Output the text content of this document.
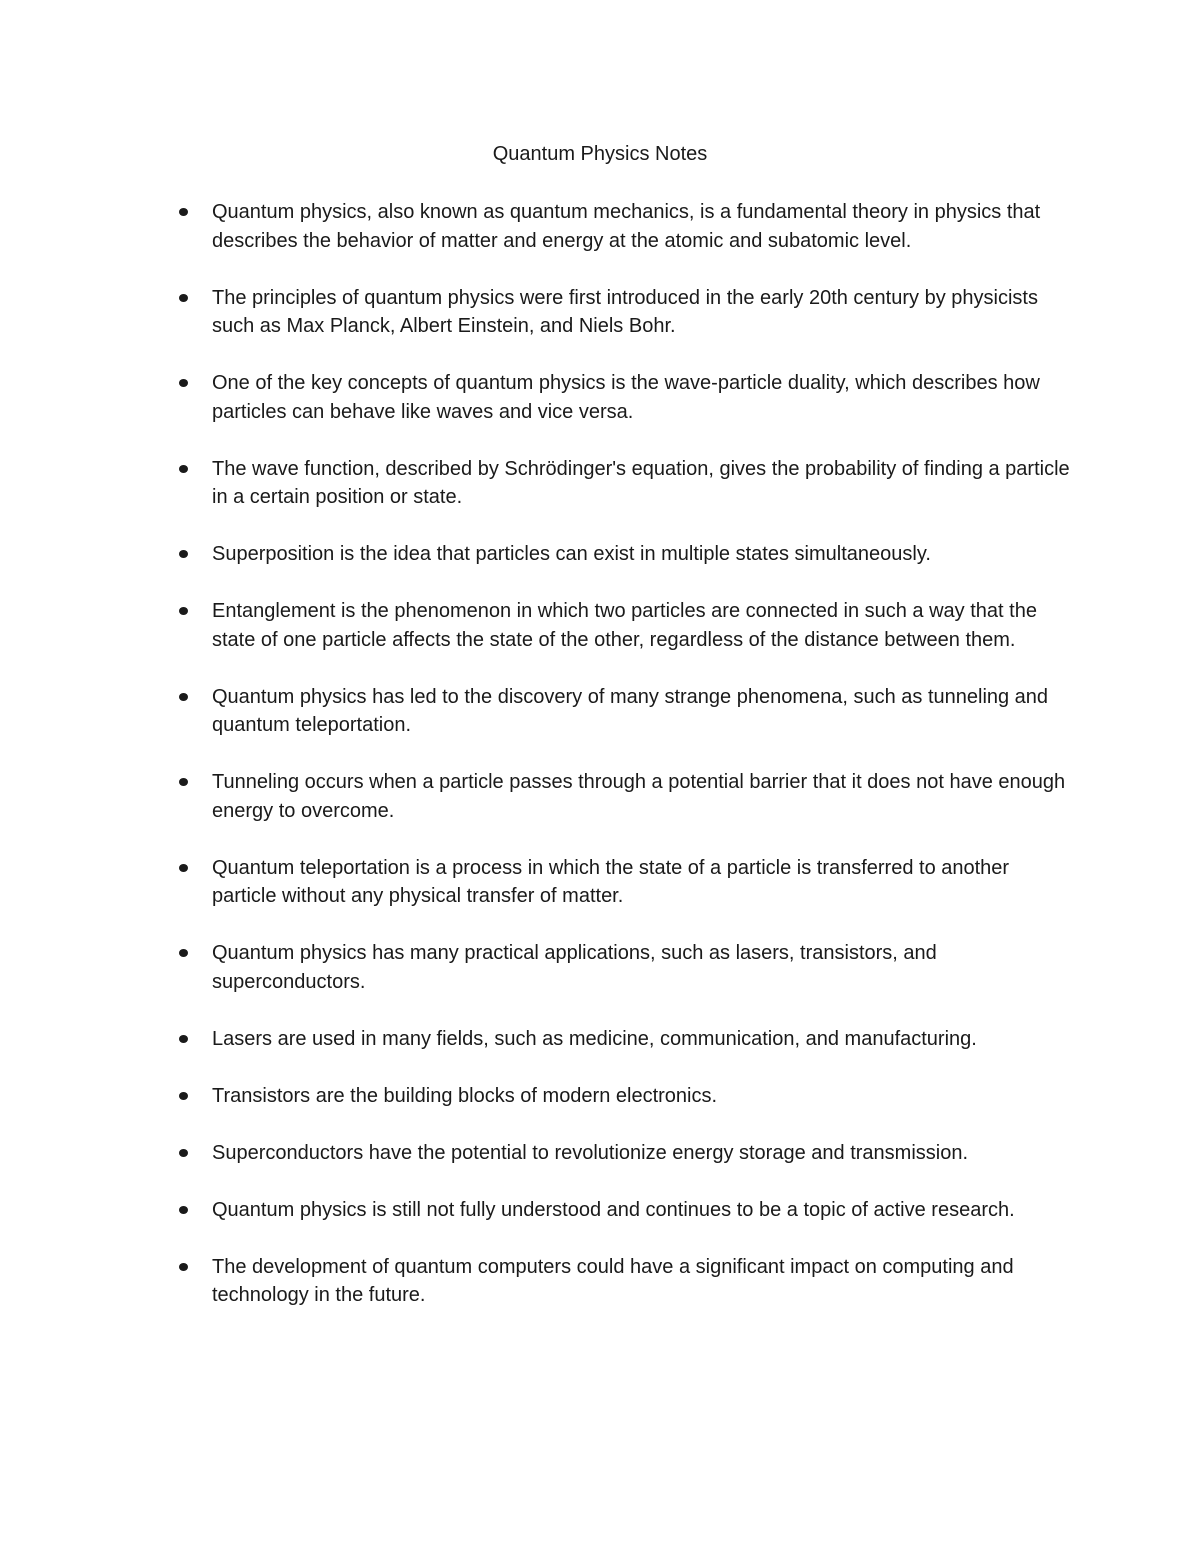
Quantum Physics Notes
Quantum physics, also known as quantum mechanics, is a fundamental theory in physics that describes the behavior of matter and energy at the atomic and subatomic level.
The principles of quantum physics were first introduced in the early 20th century by physicists such as Max Planck, Albert Einstein, and Niels Bohr.
One of the key concepts of quantum physics is the wave-particle duality, which describes how particles can behave like waves and vice versa.
The wave function, described by Schrödinger's equation, gives the probability of finding a particle in a certain position or state.
Superposition is the idea that particles can exist in multiple states simultaneously.
Entanglement is the phenomenon in which two particles are connected in such a way that the state of one particle affects the state of the other, regardless of the distance between them.
Quantum physics has led to the discovery of many strange phenomena, such as tunneling and quantum teleportation.
Tunneling occurs when a particle passes through a potential barrier that it does not have enough energy to overcome.
Quantum teleportation is a process in which the state of a particle is transferred to another particle without any physical transfer of matter.
Quantum physics has many practical applications, such as lasers, transistors, and superconductors.
Lasers are used in many fields, such as medicine, communication, and manufacturing.
Transistors are the building blocks of modern electronics.
Superconductors have the potential to revolutionize energy storage and transmission.
Quantum physics is still not fully understood and continues to be a topic of active research.
The development of quantum computers could have a significant impact on computing and technology in the future.
